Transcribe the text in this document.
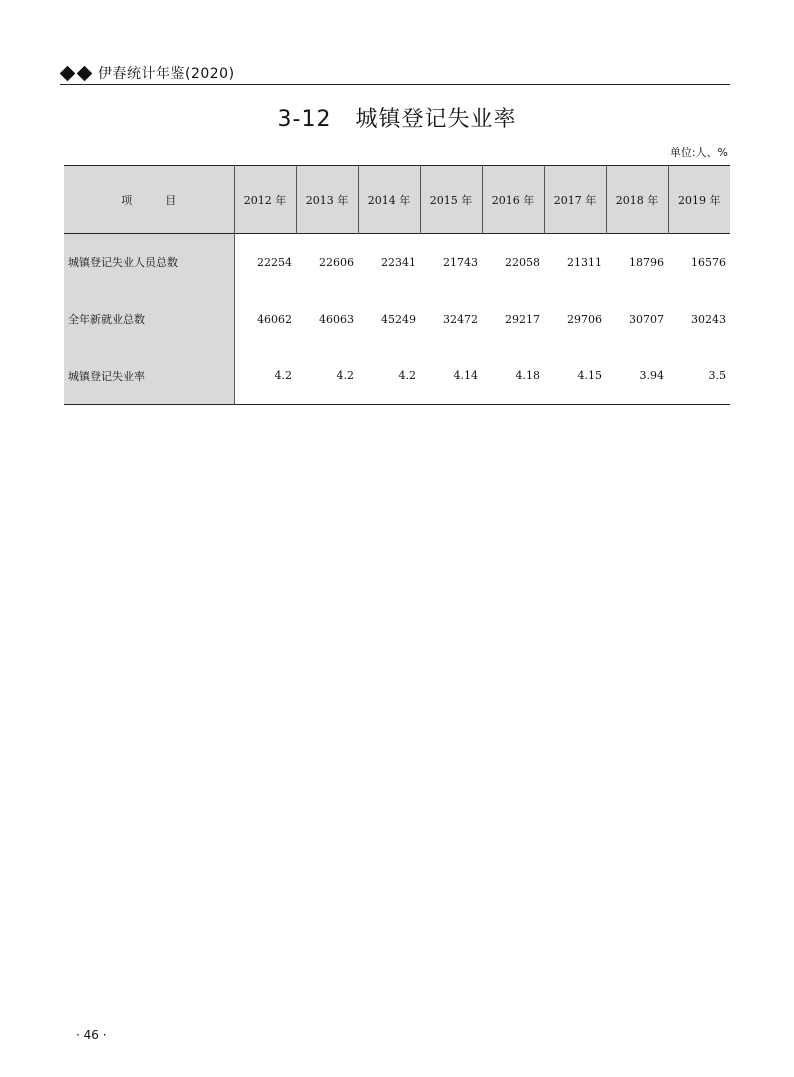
伊春统计年鉴(2020)
3-12 城镇登记失业率
单位:人、%
项　　　目	2012 年	2013 年	2014 年	2015 年	2016 年	2017 年	2018 年	2019 年
城镇登记失业人员总数	22254	22606	22341	21743	22058	21311	18796	16576
全年新就业总数	46062	46063	45249	32472	29217	29706	30707	30243
城镇登记失业率	4.2	4.2	4.2	4.14	4.18	4.15	3.94	3.5
· 46 ·
